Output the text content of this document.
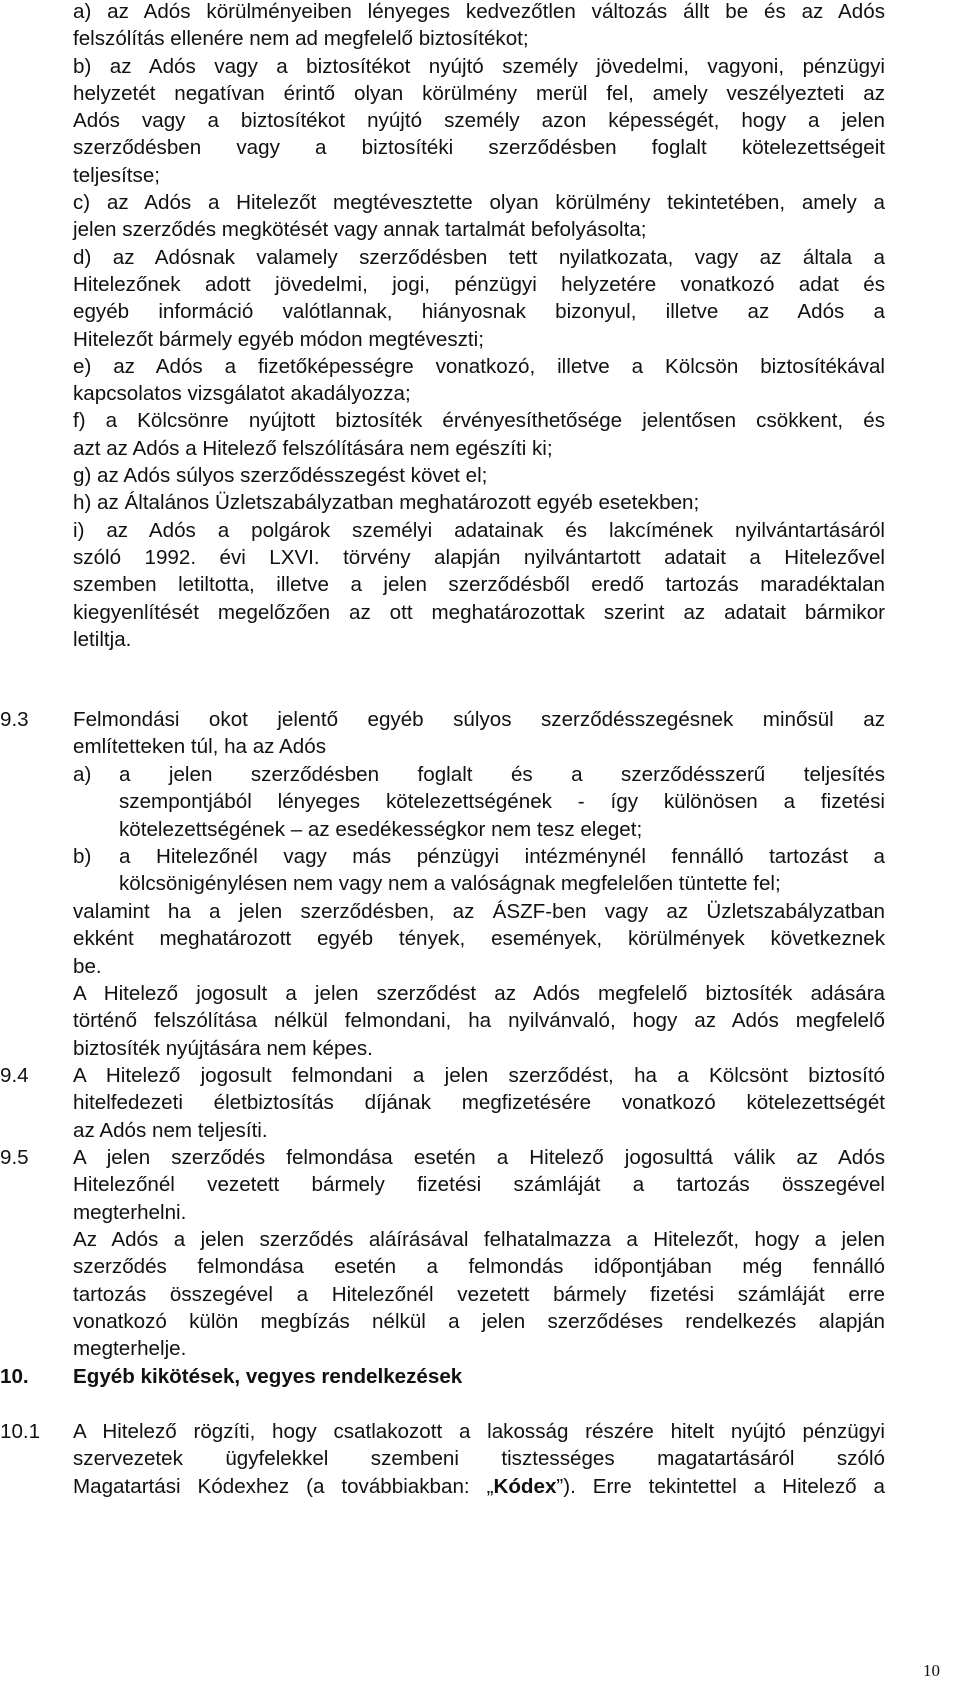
a) az Adós körülményeiben lényeges kedvezőtlen változás állt be és az Adós
felszólítás ellenére nem ad megfelelő biztosítékot;
b) az Adós vagy a biztosítékot nyújtó személy jövedelmi, vagyoni, pénzügyi
helyzetét negatívan érintő olyan körülmény merül fel, amely veszélyezteti az
Adós vagy a biztosítékot nyújtó személy azon képességét, hogy a jelen
szerződésben vagy a biztosítéki szerződésben foglalt kötelezettségeit
teljesítse;
c) az Adós a Hitelezőt megtévesztette olyan körülmény tekintetében, amely a
jelen szerződés megkötését vagy annak tartalmát befolyásolta;
d) az Adósnak valamely szerződésben tett nyilatkozata, vagy az általa a
Hitelezőnek adott jövedelmi, jogi, pénzügyi helyzetére vonatkozó adat és
egyéb információ valótlannak, hiányosnak bizonyul, illetve az Adós a
Hitelezőt bármely egyéb módon megtéveszti;
e) az Adós a fizetőképességre vonatkozó, illetve a Kölcsön biztosítékával
kapcsolatos vizsgálatot akadályozza;
f) a Kölcsönre nyújtott biztosíték érvényesíthetősége jelentősen csökkent, és
azt az Adós a Hitelező felszólítására nem egészíti ki;
g) az Adós súlyos szerződésszegést követ el;
h) az Általános Üzletszabályzatban meghatározott egyéb esetekben;
i) az Adós a polgárok személyi adatainak és lakcímének nyilvántartásáról
szóló 1992. évi LXVI. törvény alapján nyilvántartott adatait a Hitelezővel
szemben letiltotta, illetve a jelen szerződésből eredő tartozás maradéktalan
kiegyenlítését megelőzően az ott meghatározottak szerint az adatait bármikor
letiltja.
9.3 Felmondási okot jelentő egyéb súlyos szerződésszegésnek minősül az
említetteken túl, ha az Adós
a) a jelen szerződésben foglalt és a szerződésszerű teljesítés
szempontjából lényeges kötelezettségének - így különösen a fizetési
kötelezettségének – az esedékességkor nem tesz eleget;
b) a Hitelezőnél vagy más pénzügyi intézménynél fennálló tartozást a
kölcsönigénylésen nem vagy nem a valóságnak megfelelően tüntette fel;
valamint ha a jelen szerződésben, az ÁSZF-ben vagy az Üzletszabályzatban
ekként meghatározott egyéb tények, események, körülmények következnek
be.
A Hitelező jogosult a jelen szerződést az Adós megfelelő biztosíték adására
történő felszólítása nélkül felmondani, ha nyilvánvaló, hogy az Adós megfelelő
biztosíték nyújtására nem képes.
9.4 A Hitelező jogosult felmondani a jelen szerződést, ha a Kölcsönt biztosító
hitelfedezeti életbiztosítás díjának megfizetésére vonatkozó kötelezettségét
az Adós nem teljesíti.
9.5 A jelen szerződés felmondása esetén a Hitelező jogosulttá válik az Adós
Hitelezőnél vezetett bármely fizetési számláját a tartozás összegével
megterhelni.
Az Adós a jelen szerződés aláírásával felhatalmazza a Hitelezőt, hogy a jelen
szerződés felmondása esetén a felmondás időpontjában még fennálló
tartozás összegével a Hitelezőnél vezetett bármely fizetési számláját erre
vonatkozó külön megbízás nélkül a jelen szerződéses rendelkezés alapján
megterhelje.
10. Egyéb kikötések, vegyes rendelkezések
10.1 A Hitelező rögzíti, hogy csatlakozott a lakosság részére hitelt nyújtó pénzügyi
szervezetek ügyfelekkel szembeni tisztességes magatartásáról szóló
Magatartási Kódexhez (a továbbiakban: „Kódex”). Erre tekintettel a Hitelező a
10
